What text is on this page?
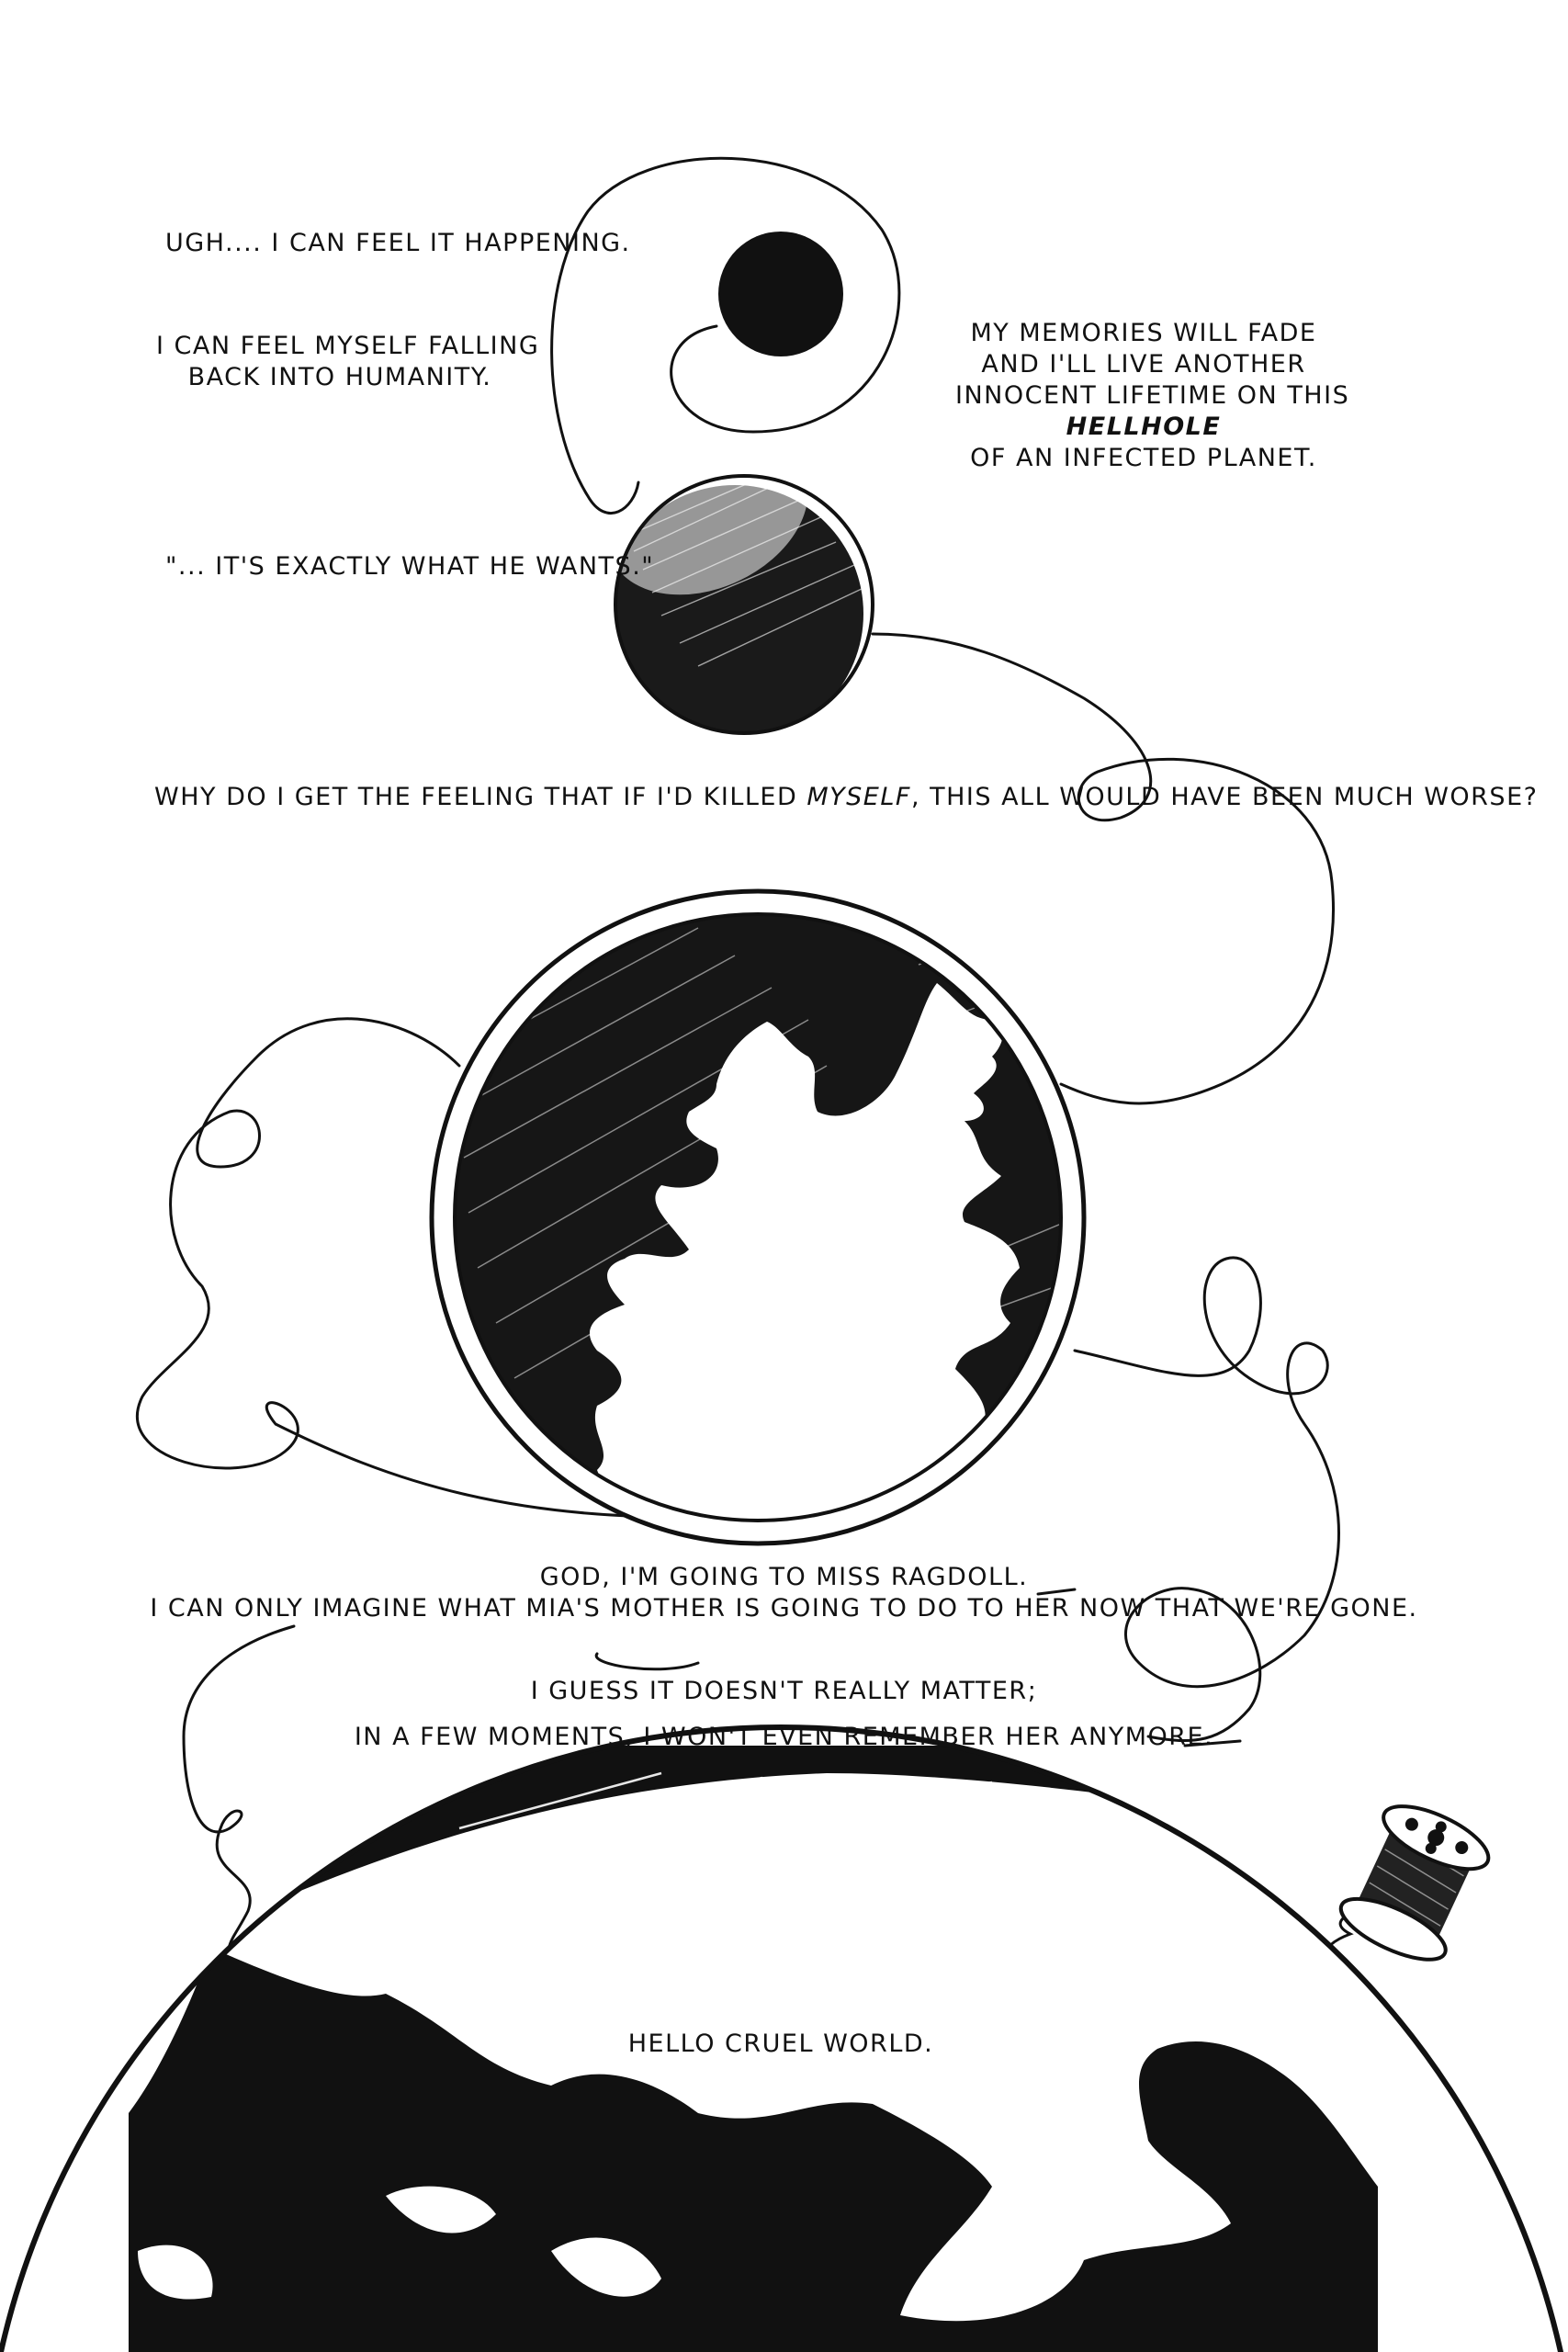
UGH.... I CAN FEEL IT HAPPENING.

I CAN FEEL MYSELF FALLING
BACK INTO HUMANITY.

MY MEMORIES WILL FADE
AND I'LL LIVE ANOTHER
INNOCENT LIFETIME ON THIS
HELLHOLE
OF AN INFECTED PLANET.

"... IT'S EXACTLY WHAT HE WANTS."

WHY DO I GET THE FEELING THAT IF I'D KILLED MYSELF, THIS ALL WOULD HAVE BEEN MUCH WORSE?

GOD, I'M GOING TO MISS RAGDOLL.
I CAN ONLY IMAGINE WHAT MIA'S MOTHER IS GOING TO DO TO HER NOW THAT WE'RE GONE.

I GUESS IT DOESN'T REALLY MATTER;
IN A FEW MOMENTS, I WON'T EVEN REMEMBER HER ANYMORE.

HELLO CRUEL WORLD.
